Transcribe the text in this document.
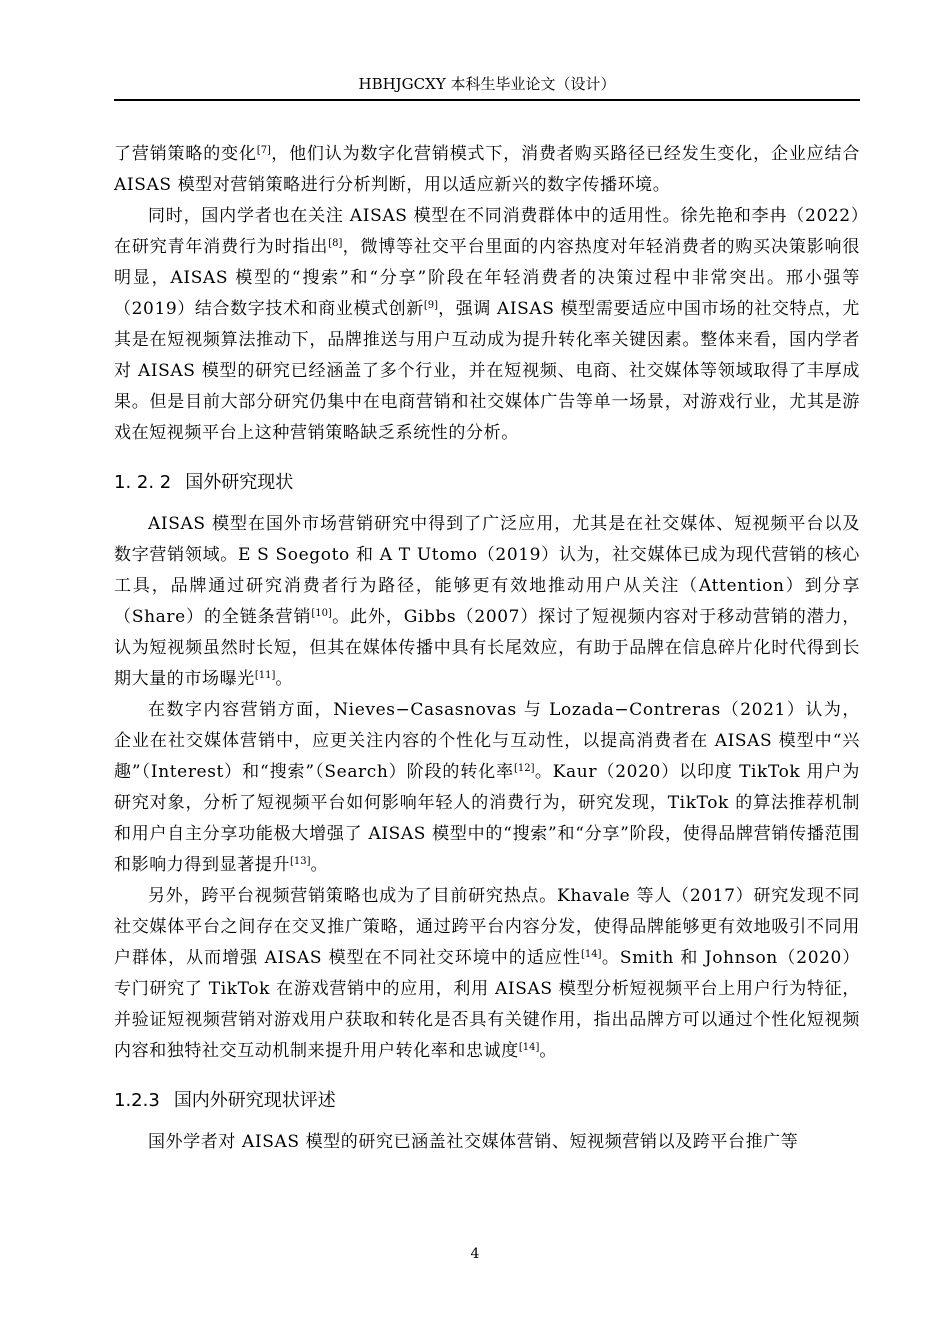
HBHJGCXY 本科生毕业论文（设计）

了营销策略的变化[7]，他们认为数字化营销模式下，消费者购买路径已经发生变化，企业应结合 AISAS 模型对营销策略进行分析判断，用以适应新兴的数字传播环境。

同时，国内学者也在关注 AISAS 模型在不同消费群体中的适用性。徐先艳和李冉（2022）在研究青年消费行为时指出[8]，微博等社交平台里面的内容热度对年轻消费者的购买决策影响很明显，AISAS 模型的“搜索”和“分享”阶段在年轻消费者的决策过程中非常突出。邢小强等（2019）结合数字技术和商业模式创新[9]，强调 AISAS 模型需要适应中国市场的社交特点，尤其是在短视频算法推动下，品牌推送与用户互动成为提升转化率关键因素。整体来看，国内学者对 AISAS 模型的研究已经涵盖了多个行业，并在短视频、电商、社交媒体等领域取得了丰厚成果。但是目前大部分研究仍集中在电商营销和社交媒体广告等单一场景，对游戏行业，尤其是游戏在短视频平台上这种营销策略缺乏系统性的分析。

1. 2. 2 国外研究现状

AISAS 模型在国外市场营销研究中得到了广泛应用，尤其是在社交媒体、短视频平台以及数字营销领域。E S Soegoto 和 A T Utomo（2019）认为，社交媒体已成为现代营销的核心工具，品牌通过研究消费者行为路径，能够更有效地推动用户从关注（Attention）到分享（Share）的全链条营销[10]。此外，Gibbs（2007）探讨了短视频内容对于移动营销的潜力，认为短视频虽然时长短，但其在媒体传播中具有长尾效应，有助于品牌在信息碎片化时代得到长期大量的市场曝光[11]。

在数字内容营销方面，Nieves−Casasnovas 与 Lozada−Contreras（2021）认为，企业在社交媒体营销中，应更关注内容的个性化与互动性，以提高消费者在 AISAS 模型中“兴趣”（Interest）和“搜索”（Search）阶段的转化率[12]。Kaur（2020）以印度 TikTok 用户为研究对象，分析了短视频平台如何影响年轻人的消费行为，研究发现，TikTok 的算法推荐机制和用户自主分享功能极大增强了 AISAS 模型中的“搜索”和“分享”阶段，使得品牌营销传播范围和影响力得到显著提升[13]。

另外，跨平台视频营销策略也成为了目前研究热点。Khavale 等人（2017）研究发现不同社交媒体平台之间存在交叉推广策略，通过跨平台内容分发，使得品牌能够更有效地吸引不同用户群体，从而增强 AISAS 模型在不同社交环境中的适应性[14]。Smith 和 Johnson（2020）专门研究了 TikTok 在游戏营销中的应用，利用 AISAS 模型分析短视频平台上用户行为特征，并验证短视频营销对游戏用户获取和转化是否具有关键作用，指出品牌方可以通过个性化短视频内容和独特社交互动机制来提升用户转化率和忠诚度[14]。

1.2.3 国内外研究现状评述

国外学者对 AISAS 模型的研究已涵盖社交媒体营销、短视频营销以及跨平台推广等

4
